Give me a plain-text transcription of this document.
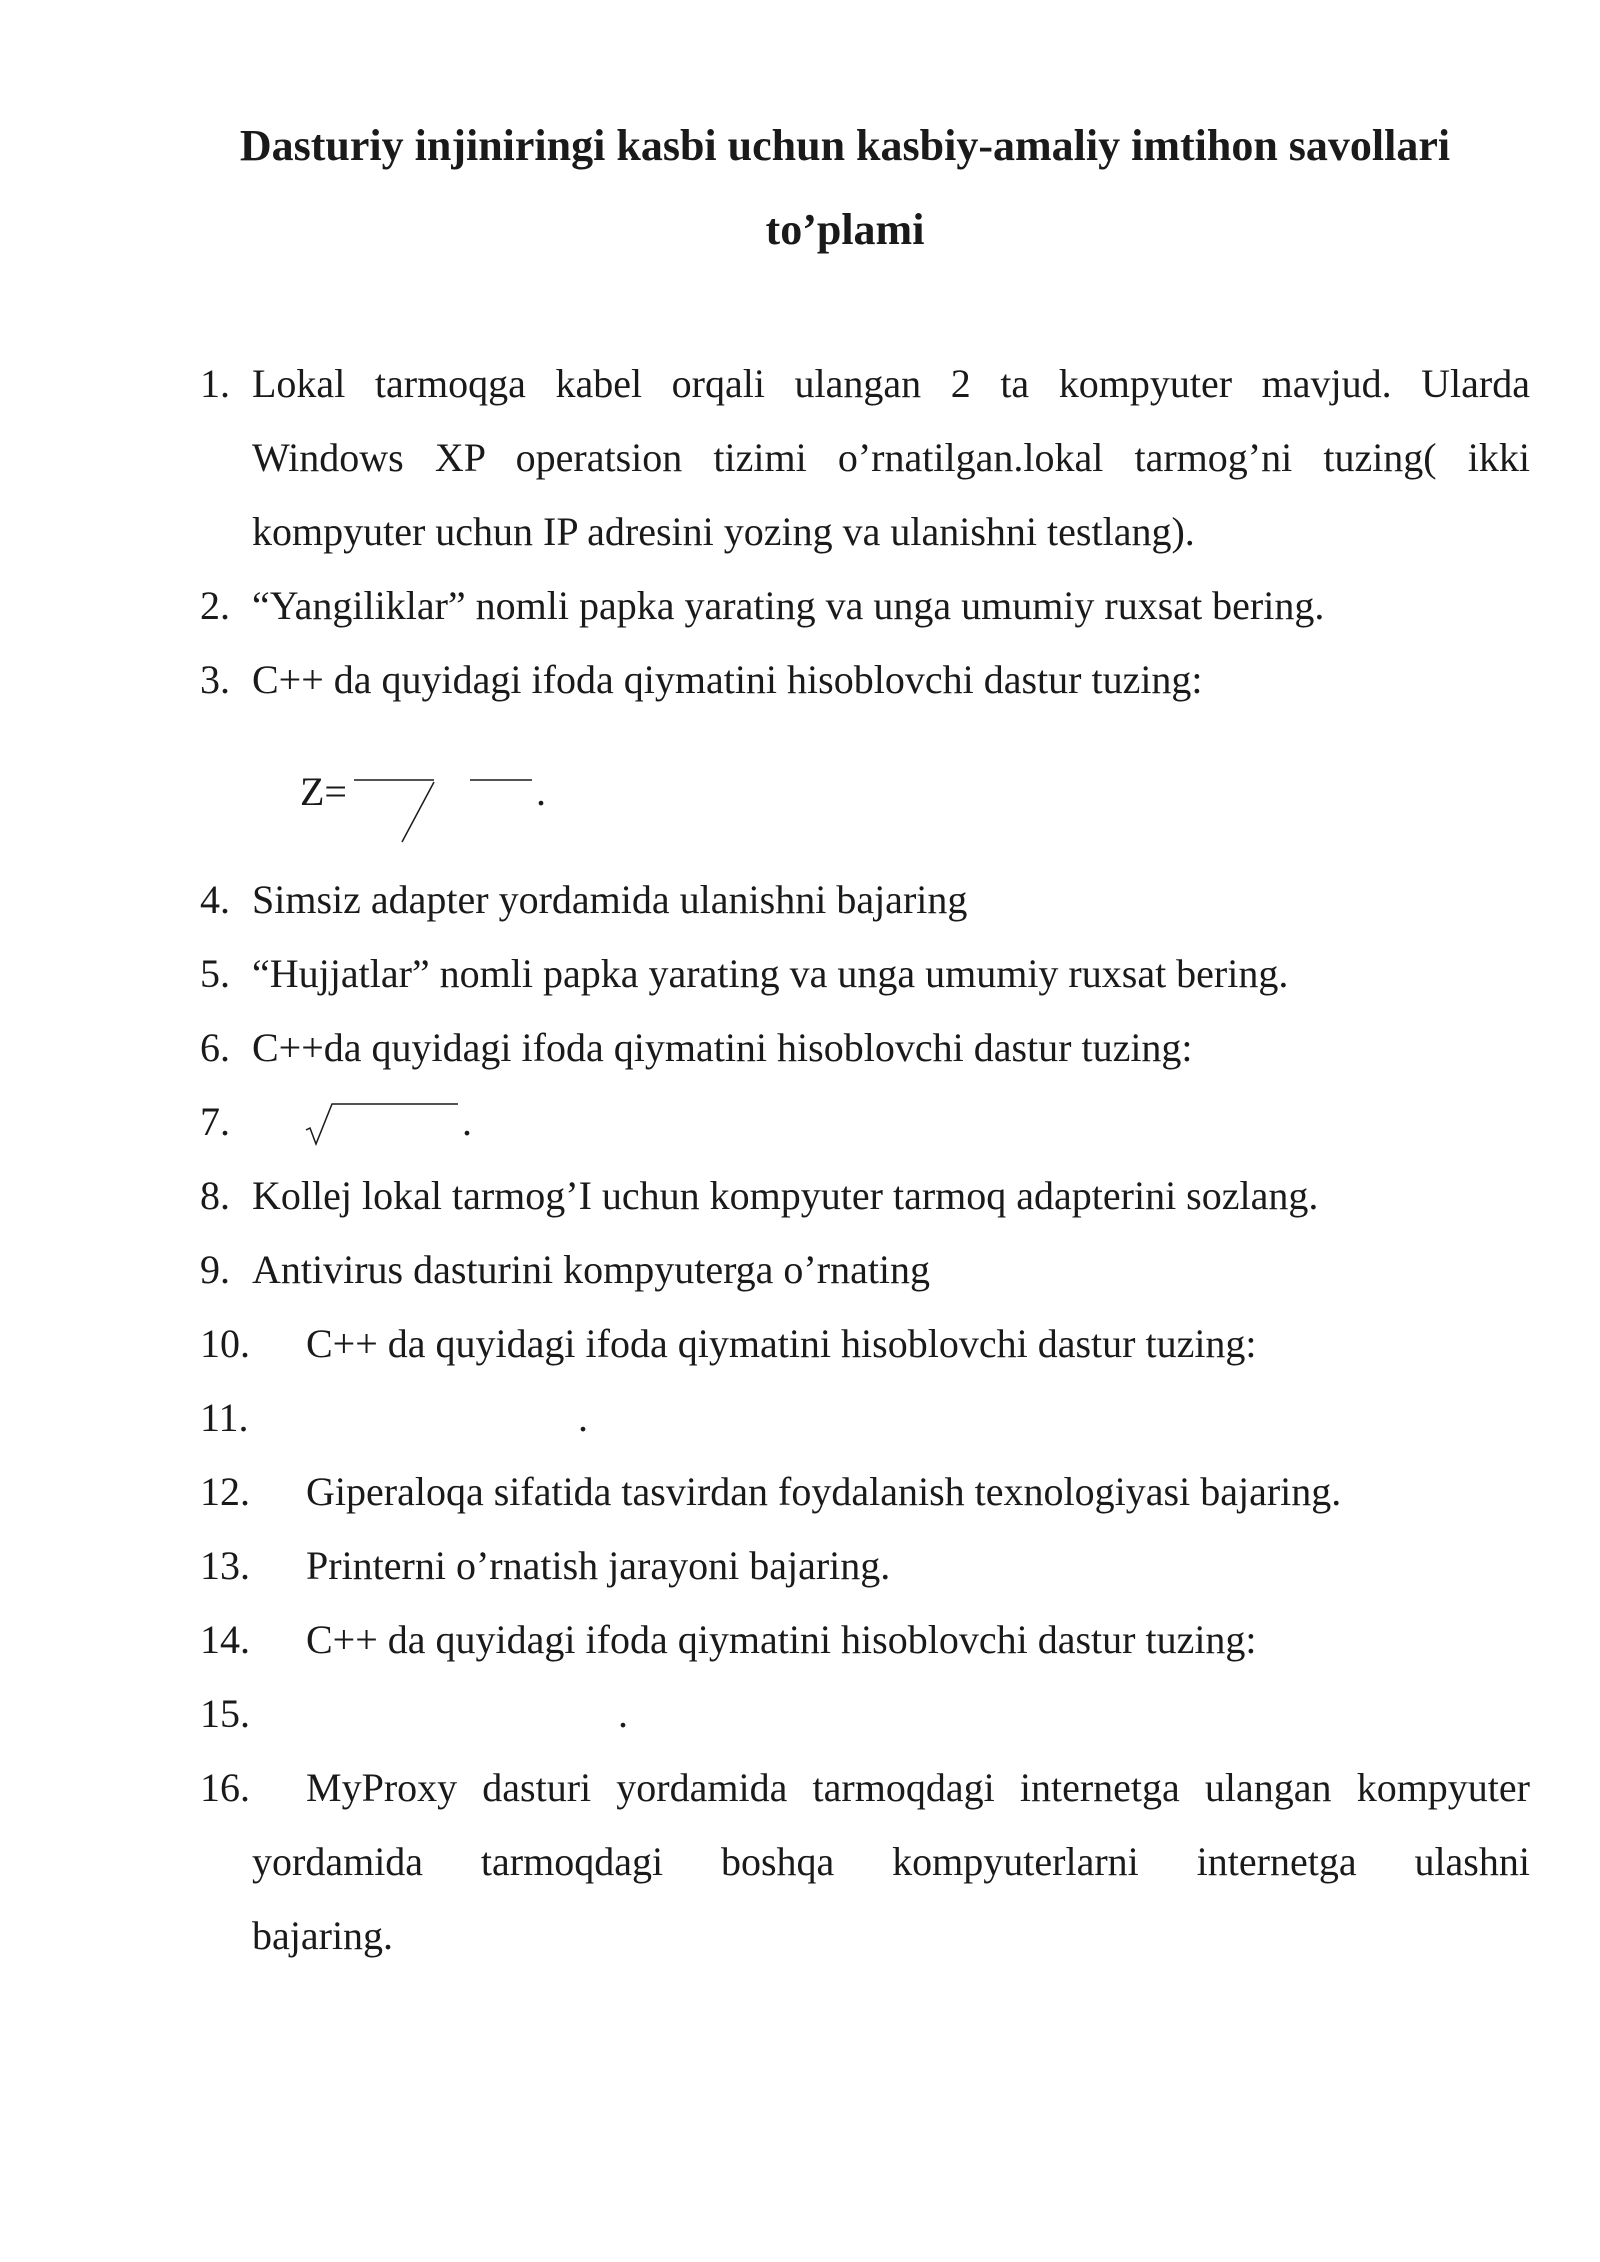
Dasturiy injiniringi kasbi uchun kasbiy-amaliy imtihon savollari
to’plami
1. Lokal tarmoqga kabel orqali ulangan 2 ta kompyuter mavjud. Ularda
Windows XP operatsion tizimi o’rnatilgan.lokal tarmog’ni tuzing( ikki
kompyuter uchun IP adresini yozing va ulanishni testlang).
2. “Yangiliklar” nomli papka yarating va unga umumiy ruxsat bering.
3. C++ da quyidagi ifoda qiymatini hisoblovchi dastur tuzing:
Z=	.
4. Simsiz adapter yordamida ulanishni bajaring
5. “Hujjatlar” nomli papka yarating va unga umumiy ruxsat bering.
6. C++da quyidagi ifoda qiymatini hisoblovchi dastur tuzing:
7.	.
8. Kollej lokal tarmog’I uchun kompyuter tarmoq adapterini sozlang.
9. Antivirus dasturini kompyuterga o’rnating
10. C++ da quyidagi ifoda qiymatini hisoblovchi dastur tuzing:
11.	.
12. Giperaloqa sifatida tasvirdan foydalanish texnologiyasi bajaring.
13. Printerni o’rnatish jarayoni bajaring.
14. C++ da quyidagi ifoda qiymatini hisoblovchi dastur tuzing:
15.	.
16. MyProxy dasturi yordamida tarmoqdagi internetga ulangan kompyuter
yordamida tarmoqdagi boshqa kompyuterlarni internetga ulashni
bajaring.
